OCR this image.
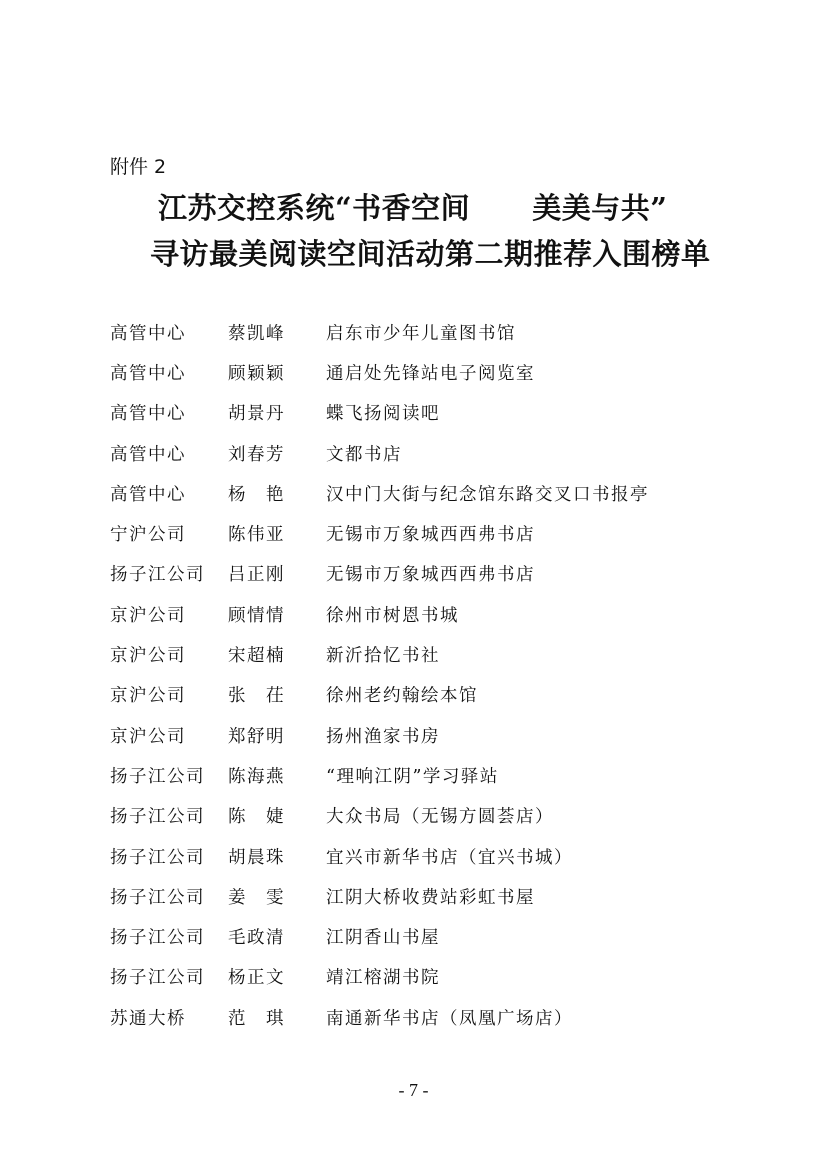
附件 2
江苏交控系统“书香空间 美美与共”
寻访最美阅读空间活动第二期推荐入围榜单
高管中心	蔡凯峰	启东市少年儿童图书馆
高管中心	顾颖颖	通启处先锋站电子阅览室
高管中心	胡景丹	蝶飞扬阅读吧
高管中心	刘春芳	文都书店
高管中心	杨　艳	汉中门大街与纪念馆东路交叉口书报亭
宁沪公司	陈伟亚	无锡市万象城西西弗书店
扬子江公司	吕正刚	无锡市万象城西西弗书店
京沪公司	顾情情	徐州市树恩书城
京沪公司	宋超楠	新沂拾忆书社
京沪公司	张　茌	徐州老约翰绘本馆
京沪公司	郑舒明	扬州渔家书房
扬子江公司	陈海燕	“理响江阴”学习驿站
扬子江公司	陈　婕	大众书局（无锡方圆荟店）
扬子江公司	胡晨珠	宜兴市新华书店（宜兴书城）
扬子江公司	姜　雯	江阴大桥收费站彩虹书屋
扬子江公司	毛政清	江阴香山书屋
扬子江公司	杨正文	靖江榕湖书院
苏通大桥	范　琪	南通新华书店（凤凰广场店）
- 7 -
